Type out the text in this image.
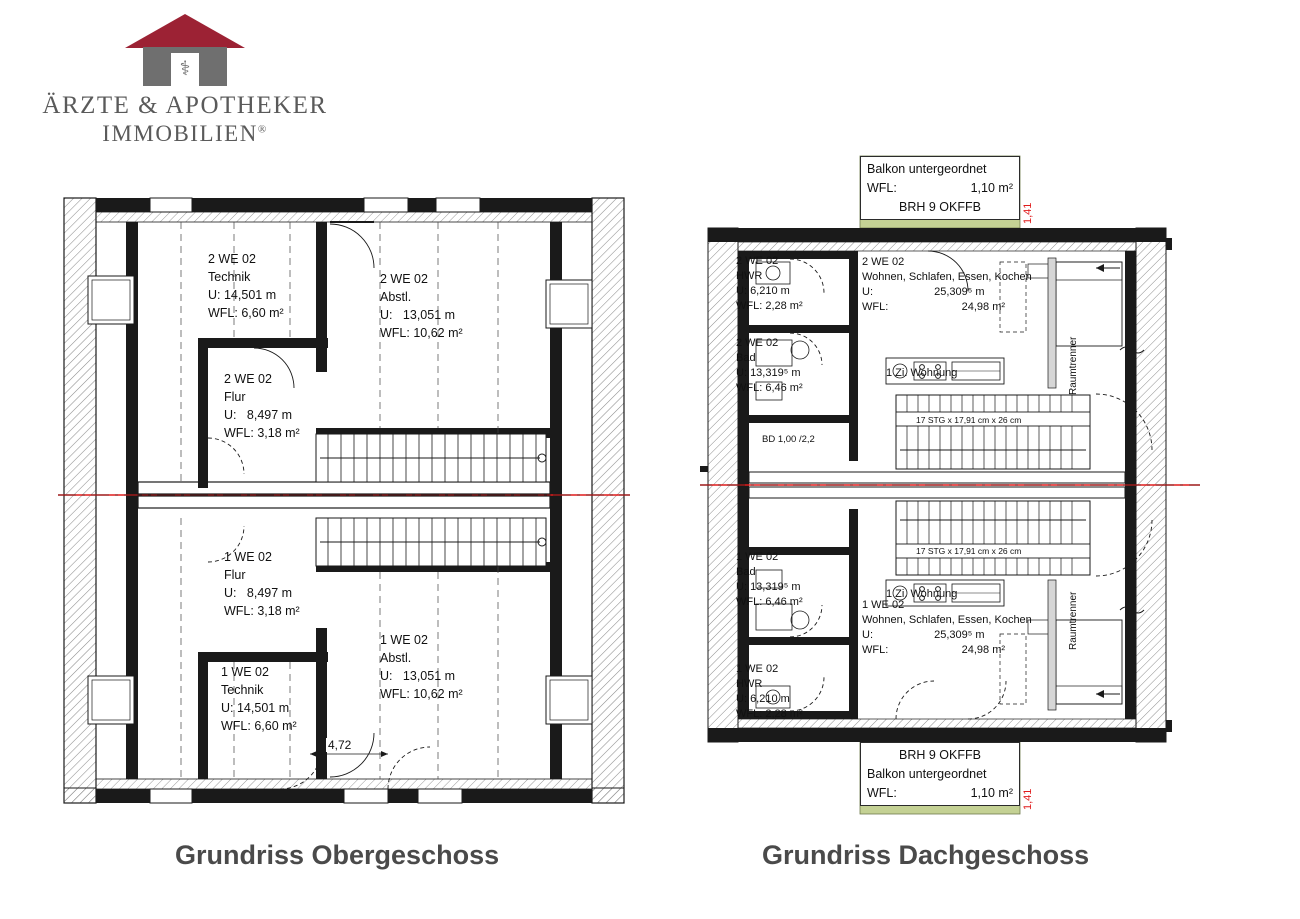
⚕
ÄRZTE & APOTHEKER
IMMOBILIEN®
2 WE 02
Technik
U: 14,501 m
WFL: 6,60 m²
2 WE 02
Abstl.
U: 13,051 m
WFL: 10,62 m²
2 WE 02
Flur
U: 8,497 m
WFL: 3,18 m²
1 WE 02
Flur
U: 8,497 m
WFL: 3,18 m²
1 WE 02
Abstl.
U: 13,051 m
WFL: 10,62 m²
1 WE 02
Technik
U: 14,501 m
WFL: 6,60 m²
4,72
Balkon untergeordnet
WFL:	1,10 m²
BRH 9 OKFFB	1,41
BRH 9 OKFFB
Balkon untergeordnet
WFL:	1,10 m² 1,41
2 WE 02
HWR
U: 6,210 m
WFL: 2,28 m²
2 WE 02
Bad
U: 13,319⁵ m
WFL: 6,46 m²
BD 1,00 /2,2
2 WE 02
Wohnen, Schlafen, Essen, Kochen
U:	25,309⁵ m
WFL:	24,98 m²
1 Zi. Wohnung	Raumtrenner
1 WE 02
Bad
U: 13,319⁵ m
WFL: 6,46 m²
1 WE 02
HWR
U: 6,210 m
WFL: 2,28 m²
1 WE 02
Wohnen, Schlafen, Essen, Kochen
U:	25,309⁵ m
WFL:	24,98 m²
1 Zi. Wohnung	Raumtrenner
17 STG x 17,91 cm x 26 cm
17 STG x 17,91 cm x 26 cm
Grundriss Obergeschoss	Grundriss Dachgeschoss
